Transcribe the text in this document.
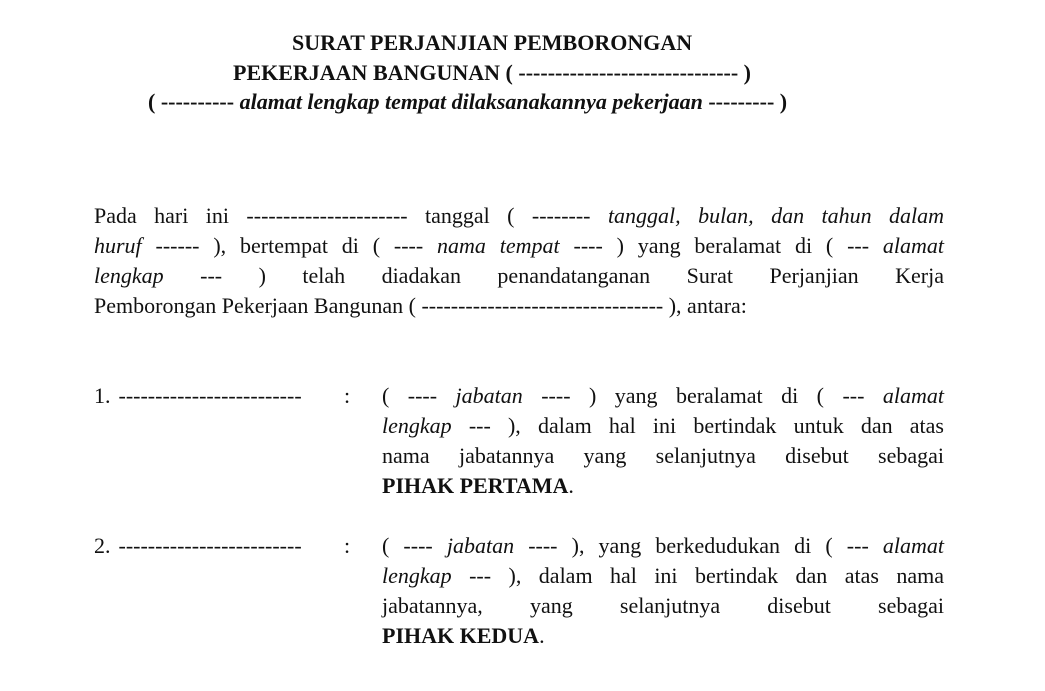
SURAT PERJANJIAN PEMBORONGAN
PEKERJAAN BANGUNAN ( ------------------------------ )
( ---------- alamat lengkap tempat dilaksanakannya pekerjaan --------- )
Pada hari ini ---------------------- tanggal ( -------- tanggal, bulan, dan tahun dalam
huruf ------ ), bertempat di ( ---- nama tempat ---- ) yang beralamat di ( --- alamat
lengkap --- ) telah diadakan penandatanganan Surat Perjanjian Kerja
Pemborongan Pekerjaan Bangunan ( --------------------------------- ), antara:
1. ------------------------- : ( ---- jabatan ---- ) yang beralamat di ( --- alamat
lengkap --- ), dalam hal ini bertindak untuk dan atas
nama jabatannya yang selanjutnya disebut sebagai
PIHAK PERTAMA.
2. ------------------------- : ( ---- jabatan ---- ), yang berkedudukan di ( --- alamat
lengkap --- ), dalam hal ini bertindak dan atas nama
jabatannya, yang selanjutnya disebut sebagai
PIHAK KEDUA.
